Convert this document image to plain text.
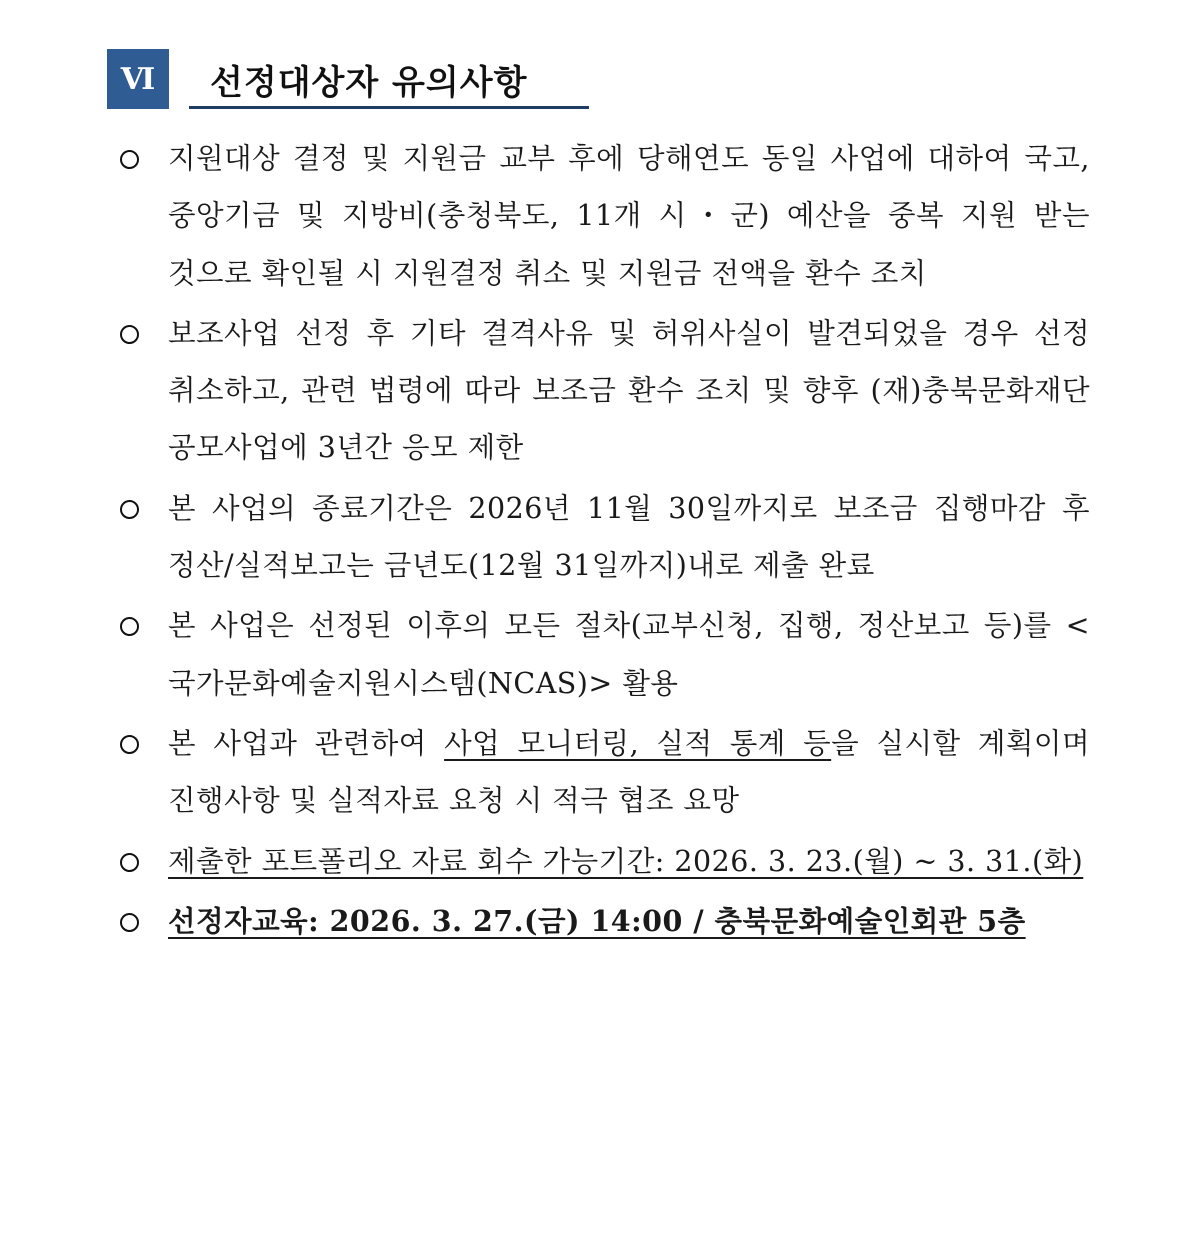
Ⅵ	선정대상자 유의사항
지원대상 결정 및 지원금 교부 후에 당해연도 동일 사업에 대하여 국고, 중앙기금 및 지방비(충청북도, 11개 시・군) 예산을 중복 지원 받는 것으로 확인될 시 지원결정 취소 및 지원금 전액을 환수 조치
보조사업 선정 후 기타 결격사유 및 허위사실이 발견되었을 경우 선정 취소하고, 관련 법령에 따라 보조금 환수 조치 및 향후 (재)충북문화재단 공모사업에 3년간 응모 제한
본 사업의 종료기간은 2026년 11월 30일까지로 보조금 집행마감 후 정산/실적보고는 금년도(12월 31일까지)내로 제출 완료
본 사업은 선정된 이후의 모든 절차(교부신청, 집행, 정산보고 등)를 <국가문화예술지원시스템(NCAS)> 활용
본 사업과 관련하여 사업 모니터링, 실적 통계 등을 실시할 계획이며 진행사항 및 실적자료 요청 시 적극 협조 요망
제출한 포트폴리오 자료 회수 가능기간: 2026. 3. 23.(월) ~ 3. 31.(화)
선정자교육: 2026. 3. 27.(금) 14:00 / 충북문화예술인회관 5층
